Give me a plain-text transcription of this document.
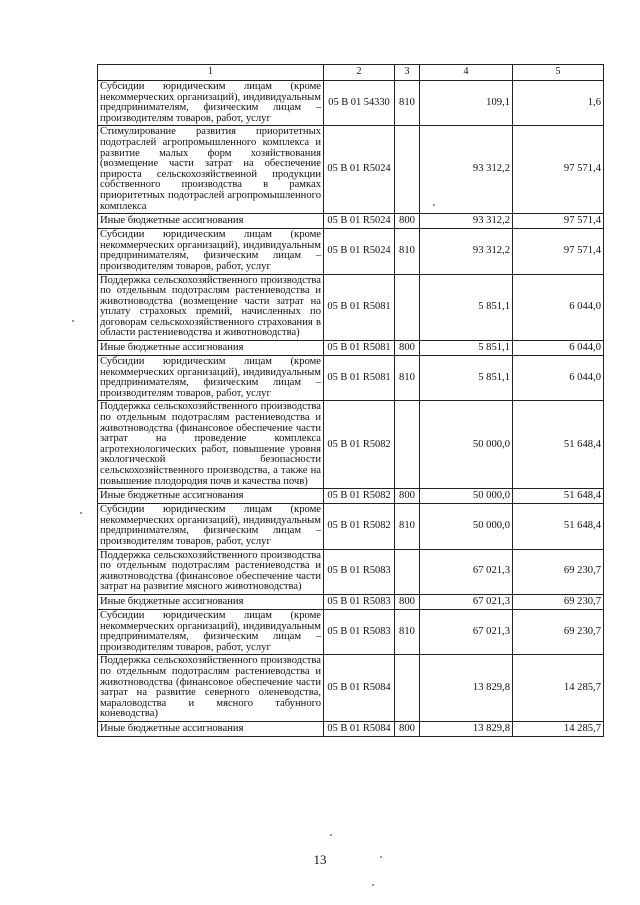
1	2	3	4	5
Субсидии юридическим лицам (кроме некоммерческих организаций), индивидуальным предпринимателям, физическим лицам – производителям товаров, работ, услуг	05 В 01 54330	810	109,1	1,6
Стимулирование развития приоритетных подотраслей агропромышленного комплекса и развитие малых форм хозяйствования (возмещение части затрат на обеспечение прироста сельскохозяйственной продукции собственного производства в рамках приоритетных подотраслей агропромышленного комплекса	05 В 01 R5024		93 312,2	97 571,4
Иные бюджетные ассигнования	05 В 01 R5024	800	93 312,2	97 571,4
Субсидии юридическим лицам (кроме некоммерческих организаций), индивидуальным предпринимателям, физическим лицам – производителям товаров, работ, услуг	05 В 01 R5024	810	93 312,2	97 571,4
Поддержка сельскохозяйственного производства по отдельным подотраслям растениеводства и животноводства (возмещение части затрат на уплату страховых премий, начисленных по договорам сельскохозяйственного страхования в области растениеводства и животноводства)	05 В 01 R5081		5 851,1	6 044,0
Иные бюджетные ассигнования	05 В 01 R5081	800	5 851,1	6 044,0
Субсидии юридическим лицам (кроме некоммерческих организаций), индивидуальным предпринимателям, физическим лицам – производителям товаров, работ, услуг	05 В 01 R5081	810	5 851,1	6 044,0
Поддержка сельскохозяйственного производства по отдельным подотраслям растениеводства и животноводства (финансовое обеспечение части затрат на проведение комплекса агротехнологических работ, повышение уровня экологической безопасности сельскохозяйственного производства, а также на повышение плодородия почв и качества почв)	05 В 01 R5082		50 000,0	51 648,4
Иные бюджетные ассигнования	05 В 01 R5082	800	50 000,0	51 648,4
Субсидии юридическим лицам (кроме некоммерческих организаций), индивидуальным предпринимателям, физическим лицам – производителям товаров, работ, услуг	05 В 01 R5082	810	50 000,0	51 648,4
Поддержка сельскохозяйственного производства по отдельным подотраслям растениеводства и животноводства (финансовое обеспечение части затрат на развитие мясного животноводства)	05 В 01 R5083		67 021,3	69 230,7
Иные бюджетные ассигнования	05 В 01 R5083	800	67 021,3	69 230,7
Субсидии юридическим лицам (кроме некоммерческих организаций), индивидуальным предпринимателям, физическим лицам – производителям товаров, работ, услуг	05 В 01 R5083	810	67 021,3	69 230,7
Поддержка сельскохозяйственного производства по отдельным подотраслям растениеводства и животноводства (финансовое обеспечение части затрат на развитие северного оленеводства, мараловодства и мясного табунного коневодства)	05 В 01 R5084		13 829,8	14 285,7
Иные бюджетные ассигнования	05 В 01 R5084	800	13 829,8	14 285,7
13
